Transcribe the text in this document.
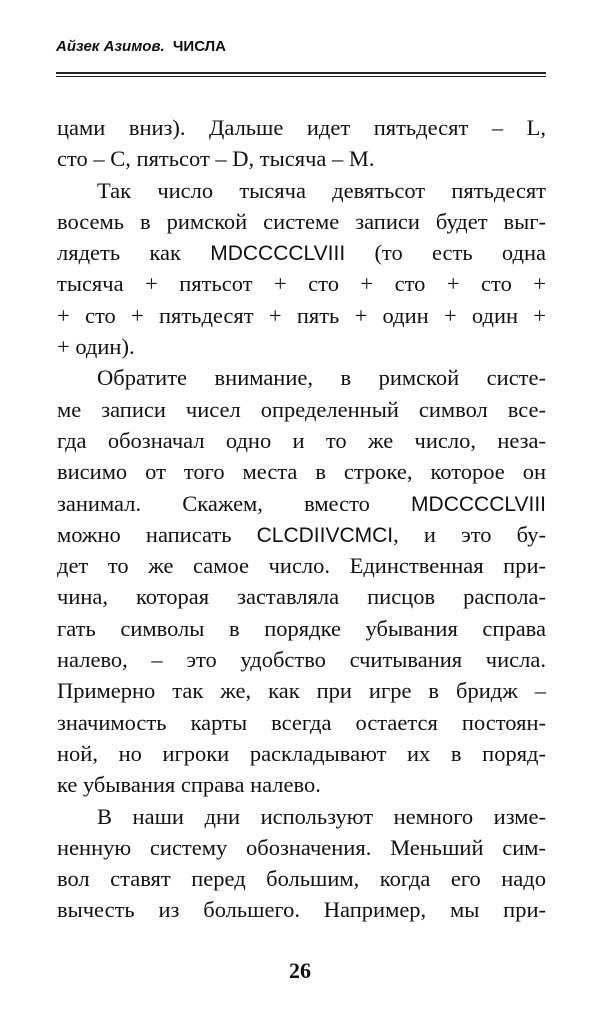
Айзек Азимов. ЧИСЛА
цами вниз). Дальше идет пятьдесят – L,
сто – С, пятьсот – D, тысяча – М.
Так число тысяча девятьсот пятьдесят
восемь в римской системе записи будет выг-
лядеть как MDCCCCLVIII (то есть одна
тысяча + пятьсот + сто + сто + сто +
+ сто + пятьдесят + пять + один + один +
+ один).
Обратите внимание, в римской систе-
ме записи чисел определенный символ все-
гда обозначал одно и то же число, неза-
висимо от того места в строке, которое он
занимал. Скажем, вместо MDCCCCLVIII
можно написать CLCDIIVCMCI, и это бу-
дет то же самое число. Единственная при-
чина, которая заставляла писцов распола-
гать символы в порядке убывания справа
налево, – это удобство считывания числа.
Примерно так же, как при игре в бридж –
значимость карты всегда остается постоян-
ной, но игроки раскладывают их в поряд-
ке убывания справа налево.
В наши дни используют немного изме-
ненную систему обозначения. Меньший сим-
вол ставят перед большим, когда его надо
вычесть из большего. Например, мы при-
26
